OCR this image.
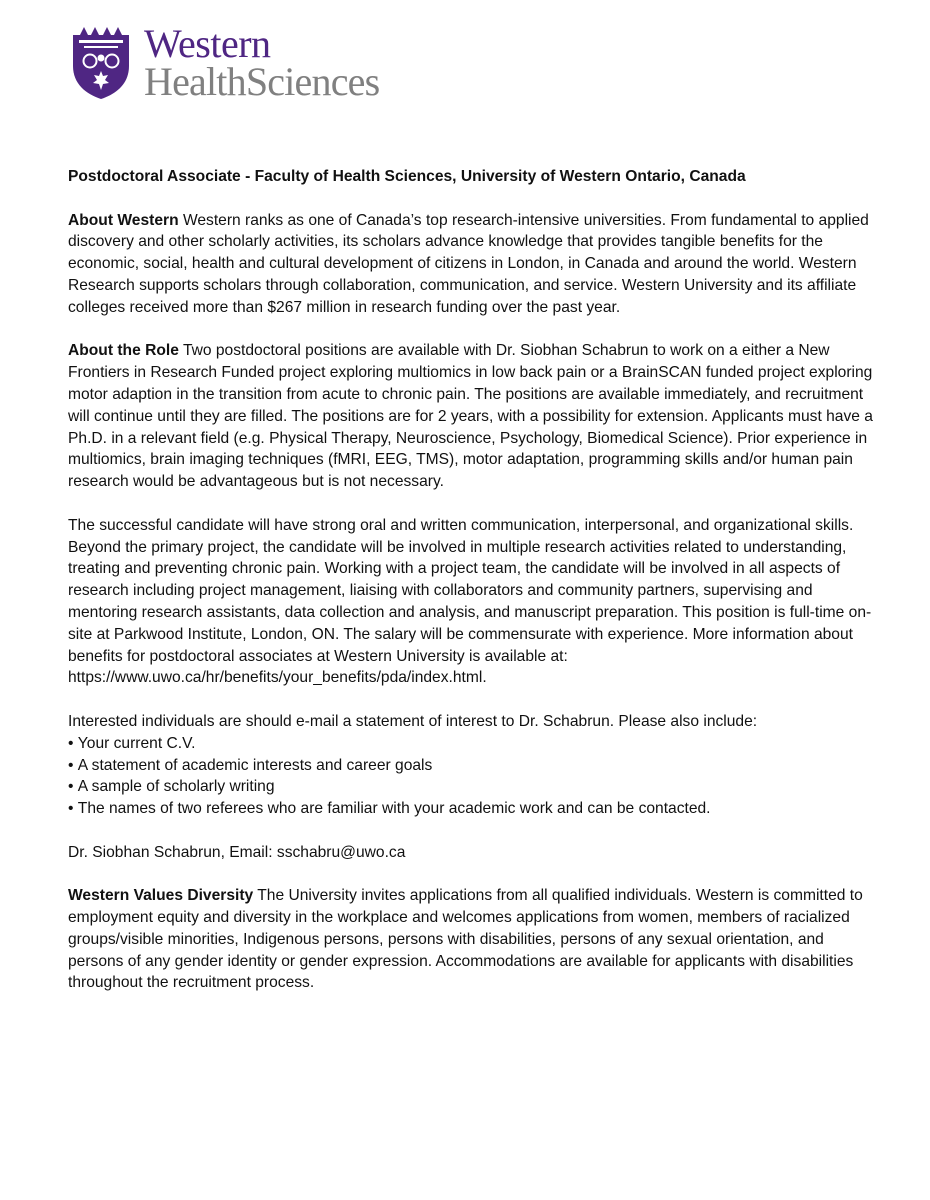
Western
HealthSciences

Postdoctoral Associate - Faculty of Health Sciences, University of Western Ontario, Canada

About Western Western ranks as one of Canada’s top research-intensive universities. From fundamental to applied discovery and other scholarly activities, its scholars advance knowledge that provides tangible benefits for the economic, social, health and cultural development of citizens in London, in Canada and around the world. Western Research supports scholars through collaboration, communication, and service. Western University and its affiliate colleges received more than $267 million in research funding over the past year.

About the Role Two postdoctoral positions are available with Dr. Siobhan Schabrun to work on a either a New Frontiers in Research Funded project exploring multiomics in low back pain or a BrainSCAN funded project exploring motor adaption in the transition from acute to chronic pain. The positions are available immediately, and recruitment will continue until they are filled. The positions are for 2 years, with a possibility for extension. Applicants must have a Ph.D. in a relevant field (e.g. Physical Therapy, Neuroscience, Psychology, Biomedical Science). Prior experience in multiomics, brain imaging techniques (fMRI, EEG, TMS), motor adaptation, programming skills and/or human pain research would be advantageous but is not necessary.

The successful candidate will have strong oral and written communication, interpersonal, and organizational skills. Beyond the primary project, the candidate will be involved in multiple research activities related to understanding, treating and preventing chronic pain. Working with a project team, the candidate will be involved in all aspects of research including project management, liaising with collaborators and community partners, supervising and mentoring research assistants, data collection and analysis, and manuscript preparation. This position is full-time on-site at Parkwood Institute, London, ON. The salary will be commensurate with experience. More information about benefits for postdoctoral associates at Western University is available at: https://www.uwo.ca/hr/benefits/your_benefits/pda/index.html.

Interested individuals are should e-mail a statement of interest to Dr. Schabrun. Please also include:
• Your current C.V.
• A statement of academic interests and career goals
• A sample of scholarly writing
• The names of two referees who are familiar with your academic work and can be contacted.

Dr. Siobhan Schabrun, Email: sschabru@uwo.ca

Western Values Diversity The University invites applications from all qualified individuals. Western is committed to employment equity and diversity in the workplace and welcomes applications from women, members of racialized groups/visible minorities, Indigenous persons, persons with disabilities, persons of any sexual orientation, and persons of any gender identity or gender expression. Accommodations are available for applicants with disabilities throughout the recruitment process.
